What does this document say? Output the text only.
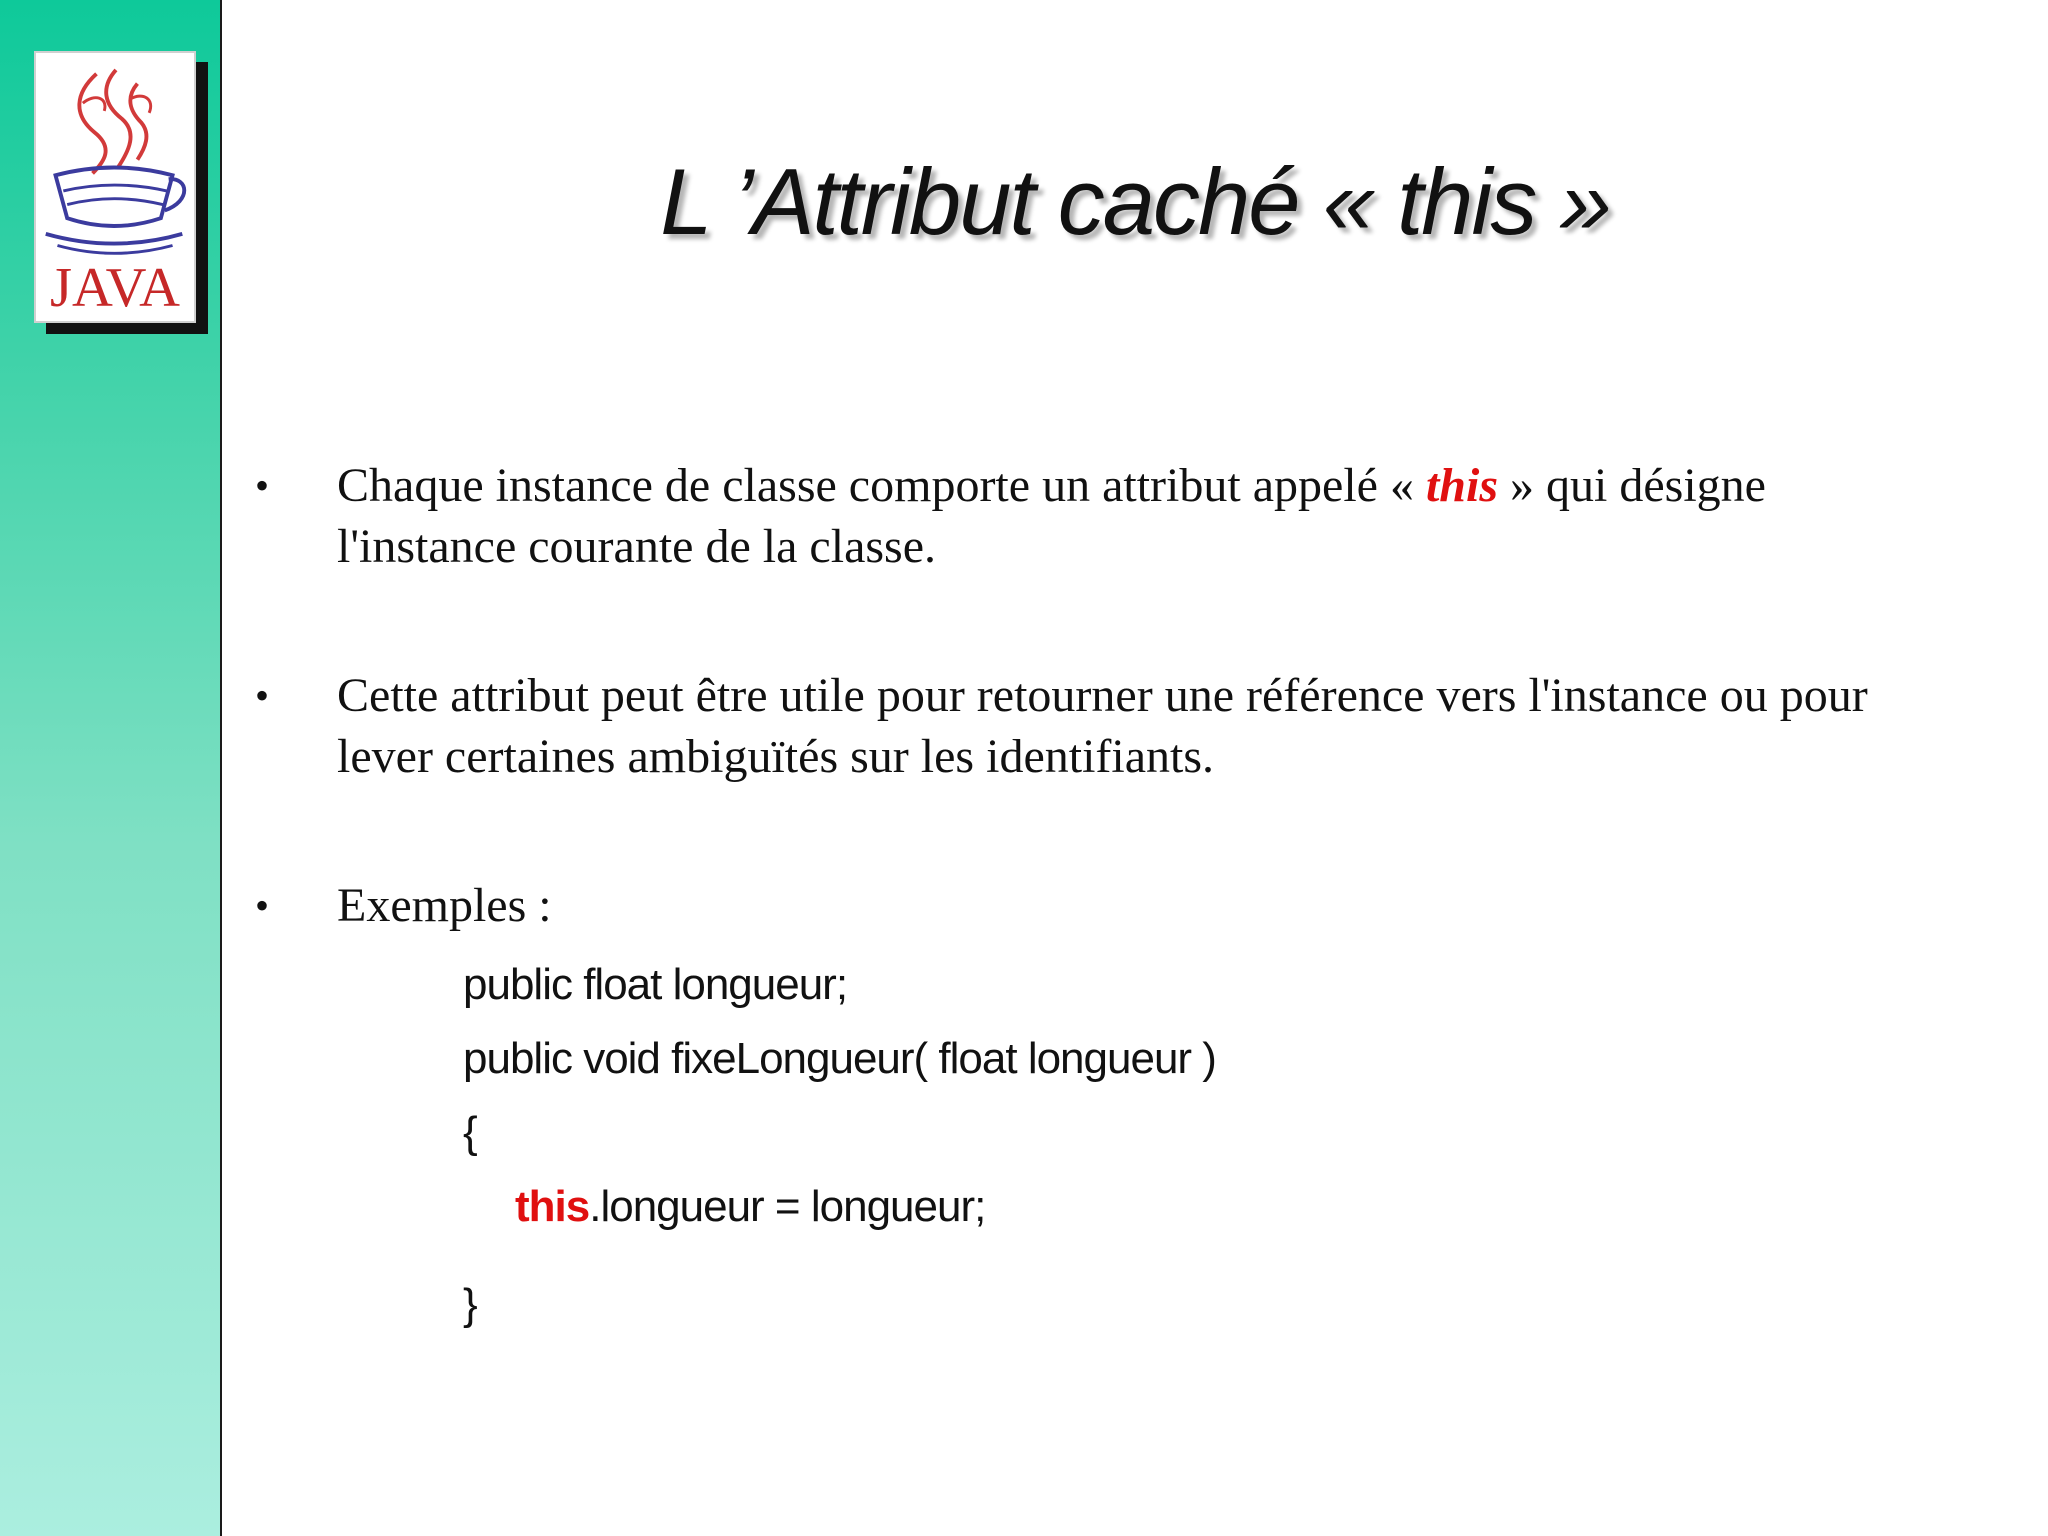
JAVA
L ’Attribut caché « this »
• Chaque instance de classe comporte un attribut appelé « this » qui désigne l'instance courante de la classe.
• Cette attribut peut être utile pour retourner une référence vers l'instance ou pour lever certaines ambiguïtés sur les identifiants.
• Exemples :
public float longueur;
public void fixeLongueur( float longueur )
{
this.longueur = longueur;
}
